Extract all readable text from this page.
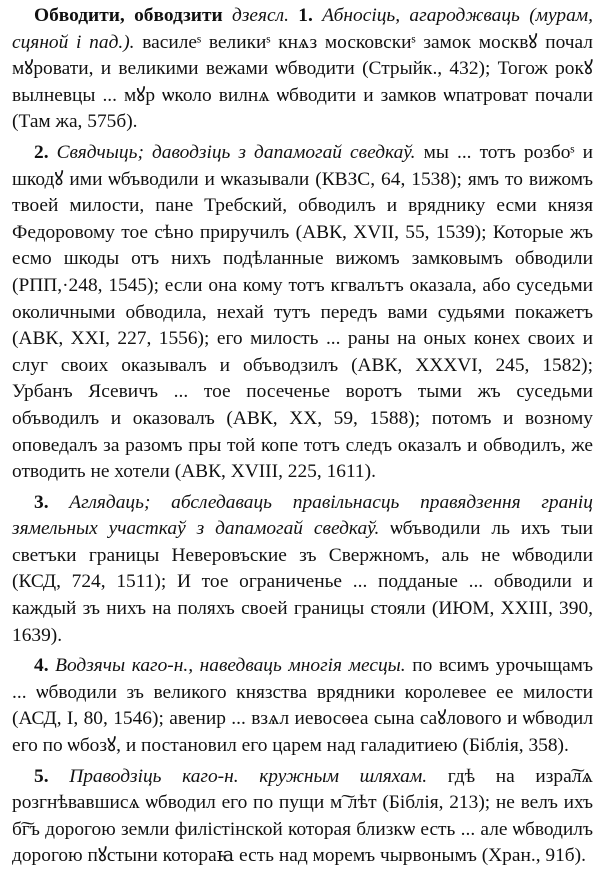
Обводити, обводзити дзеясл. 1. Абносіць, агароджваць (мурам, сцяной і пад.). василеˢ великиˢ кнѧз московскиˢ замок москвꙋ почал мꙋровати, и великими вежами ѡбводити (Стрыйк., 432); Тогож рокꙋ вылневцы ... мꙋр ѡколо вилнѧ ѡбводити и замков ѡпатроват почали (Там жа, 575б).

2. Свядчыць; даводзіць з дапамогай сведкаў. мы ... тотъ розбоˢ и шкодꙋ ими ѡбъводили и ѡказывали (КВЗС, 64, 1538); ямъ то вижомъ твоей милости, пане Требский, обводилъ и вряднику есми князя Федоровому тое сѣно приручилъ (АВК, XVII, 55, 1539); Которые жъ есмо шкоды отъ нихъ подѣланные вижомъ замковымъ обводили (РПП,·248, 1545); если она кому тотъ кгвалътъ оказала, або суседьми околичными обводила, нехай тутъ передъ вами судьями покажетъ (АВК, XXI, 227, 1556); его милость ... раны на оных конех своих и слуг своих оказывалъ и объводзилъ (АВК, XXXVI, 245, 1582); Урбанъ Ясевичъ ... тое посеченье воротъ тыми жъ суседьми объводилъ и оказовалъ (АВК, XX, 59, 1588); потомъ и возному оповедалъ за разомъ пры той копе тотъ следъ оказалъ и обводилъ, же отводить не хотели (АВК, XVIII, 225, 1611).

3. Аглядаць; абследаваць правільнасць правядзення граніц зямельных участкаў з дапамогай сведкаў. ѡбъводили ль ихъ тыи светъки границы Неверовъские зъ Свержномъ, аль не ѡбводили (КСД, 724, 1511); И тое ограниченье ... подданые ... обводили и каждый зъ нихъ на поляхъ своей границы стояли (ИЮМ, XXIII, 390, 1639).

4. Водзячы каго-н., наведваць многія месцы. по всимъ урочыщамъ ... ѡбводили зъ великого князства врядники королевее ее милости (АСД, I, 80, 1546); авенир ... взѧл иевосѳеа сына саꙋлового и ѡбводил его по ѡбозꙋ, и постановил его царем над галадитиею (Біблія, 358).

5. Праводзіць каго-н. кружным шляхам. гдѣ на изра͠лѧ розгнѣвавшисѧ ѡбводил его по пущи м͠ лѣт (Біблія, 213); не велъ ихъ б͠гъ дорогою земли филістінской которая близкѡ есть ... але ѡбводилъ дорогою пꙋстыни котораꙗ есть над моремъ чырвонымъ (Хран., 91б).
